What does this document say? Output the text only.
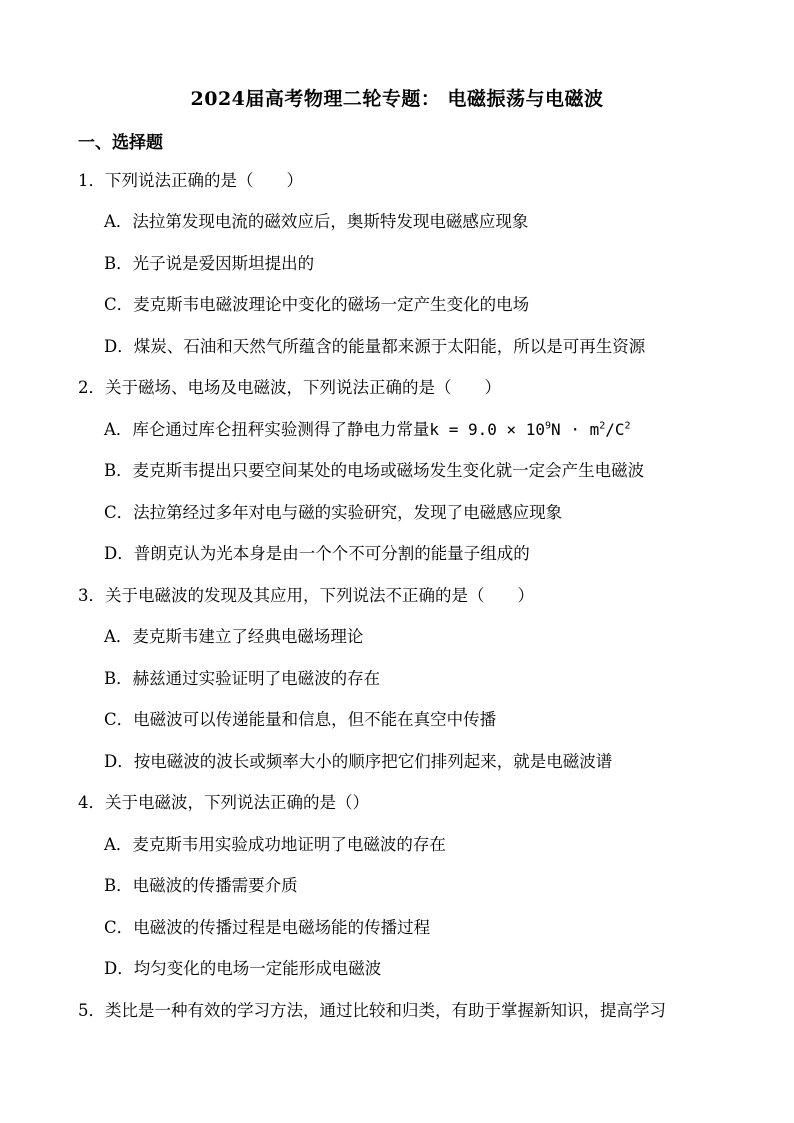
2024届高考物理二轮专题： 电磁振荡与电磁波
一、选择题
1．下列说法正确的是（　　）
A．法拉第发现电流的磁效应后，奥斯特发现电磁感应现象
B．光子说是爱因斯坦提出的
C．麦克斯韦电磁波理论中变化的磁场一定产生变化的电场
D．煤炭、石油和天然气所蕴含的能量都来源于太阳能，所以是可再生资源
2．关于磁场、电场及电磁波，下列说法正确的是（　　）
A．库仑通过库仑扭秤实验测得了静电力常量$k = 9.0 \times 10^9N \cdot m^2/C^2$
B．麦克斯韦提出只要空间某处的电场或磁场发生变化就一定会产生电磁波
C．法拉第经过多年对电与磁的实验研究，发现了电磁感应现象
D．普朗克认为光本身是由一个个不可分割的能量子组成的
3．关于电磁波的发现及其应用，下列说法不正确的是（　　）
A．麦克斯韦建立了经典电磁场理论
B．赫兹通过实验证明了电磁波的存在
C．电磁波可以传递能量和信息，但不能在真空中传播
D．按电磁波的波长或频率大小的顺序把它们排列起来，就是电磁波谱
4．关于电磁波，下列说法正确的是（）
A．麦克斯韦用实验成功地证明了电磁波的存在
B．电磁波的传播需要介质
C．电磁波的传播过程是电磁场能的传播过程
D．均匀变化的电场一定能形成电磁波
5．类比是一种有效的学习方法，通过比较和归类，有助于掌握新知识，提高学习
